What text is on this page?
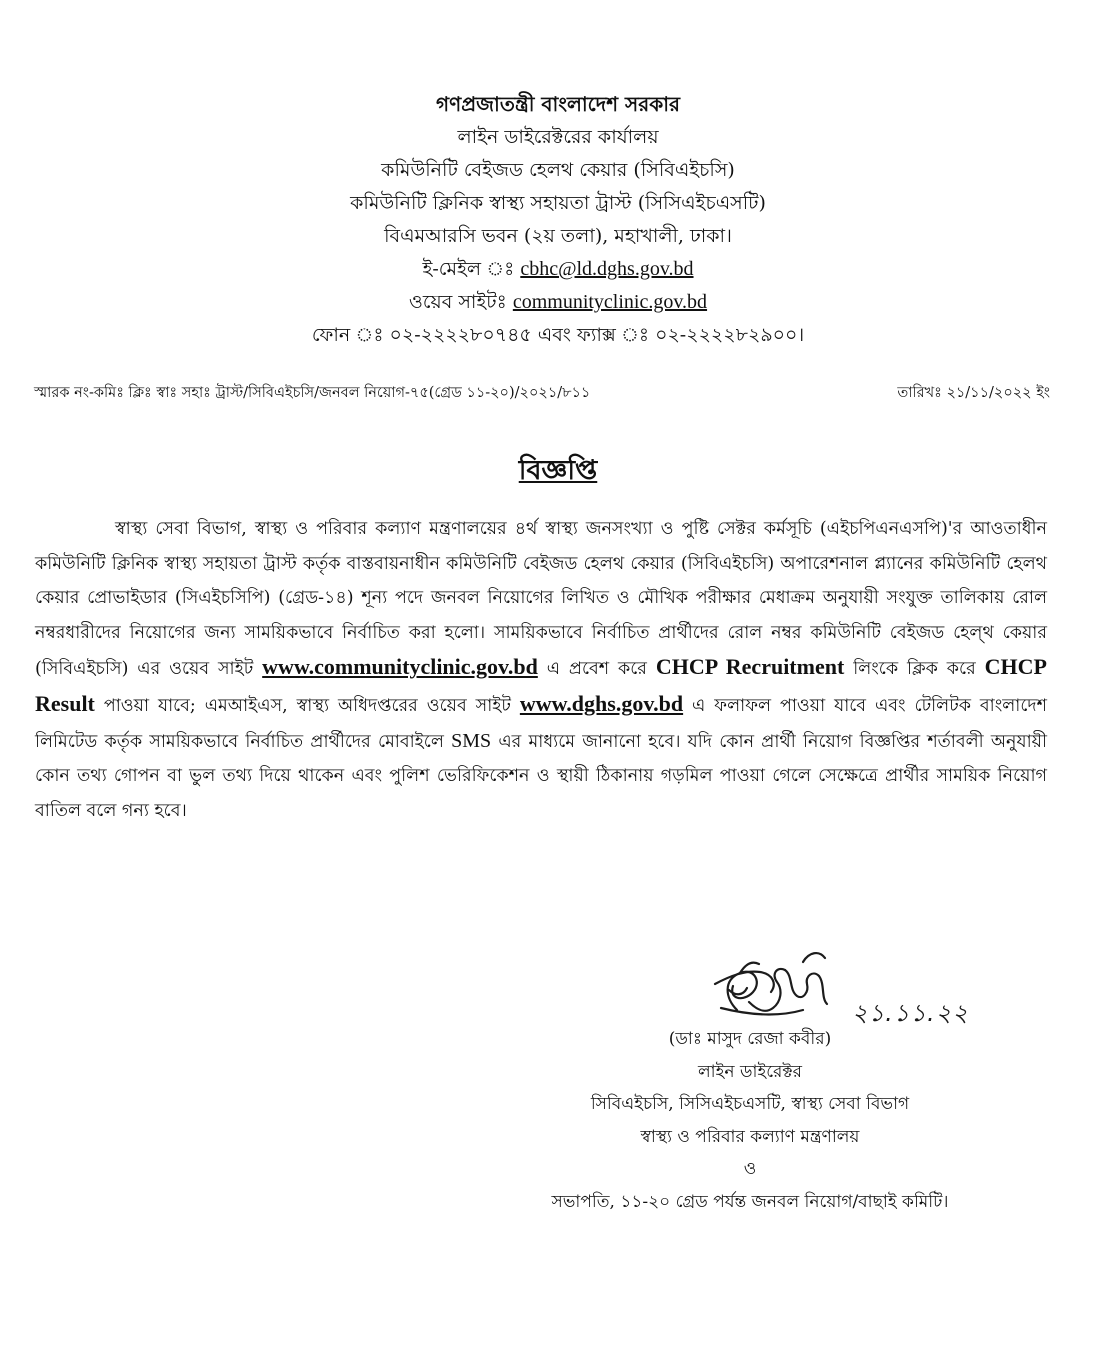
গণপ্রজাতন্ত্রী বাংলাদেশ সরকার
লাইন ডাইরেক্টরের কার্যালয়
কমিউনিটি বেইজড হেলথ কেয়ার (সিবিএইচসি)
কমিউনিটি ক্লিনিক স্বাস্থ্য সহায়তা ট্রাস্ট (সিসিএইচএসটি)
বিএমআরসি ভবন (২য় তলা), মহাখালী, ঢাকা।
ই-মেইল ঃ cbhc@ld.dghs.gov.bd
ওয়েব সাইটঃ communityclinic.gov.bd
ফোন ঃ ০২-২২২২৮০৭৪৫ এবং ফ্যাক্স ঃ ০২-২২২২৮২৯০০।
স্মারক নং-কমিঃ ক্লিঃ স্বাঃ সহাঃ ট্রাস্ট/সিবিএইচসি/জনবল নিয়োগ-৭৫(গ্রেড ১১-২০)/২০২১/৮১১	তারিখঃ ২১/১১/২০২২ ইং
বিজ্ঞপ্তি
স্বাস্থ্য সেবা বিভাগ, স্বাস্থ্য ও পরিবার কল্যাণ মন্ত্রণালয়ের ৪র্থ স্বাস্থ্য জনসংখ্যা ও পুষ্টি সেক্টর কর্মসূচি (এইচপিএনএসপি)'র আওতাধীন কমিউনিটি ক্লিনিক স্বাস্থ্য সহায়তা ট্রাস্ট কর্তৃক বাস্তবায়নাধীন কমিউনিটি বেইজড হেলথ কেয়ার (সিবিএইচসি) অপারেশনাল প্ল্যানের কমিউনিটি হেলথ কেয়ার প্রোভাইডার (সিএইচসিপি) (গ্রেড-১৪) শূন্য পদে জনবল নিয়োগের লিখিত ও মৌখিক পরীক্ষার মেধাক্রম অনুযায়ী সংযুক্ত তালিকায় রোল নম্বরধারীদের নিয়োগের জন্য সাময়িকভাবে নির্বাচিত করা হলো। সাময়িকভাবে নির্বাচিত প্রার্থীদের রোল নম্বর কমিউনিটি বেইজড হেল্থ কেয়ার (সিবিএইচসি) এর ওয়েব সাইট www.communityclinic.gov.bd এ প্রবেশ করে CHCP Recruitment লিংকে ক্লিক করে CHCP Result পাওয়া যাবে; এমআইএস, স্বাস্থ্য অধিদপ্তরের ওয়েব সাইট www.dghs.gov.bd এ ফলাফল পাওয়া যাবে এবং টেলিটক বাংলাদেশ লিমিটেড কর্তৃক সাময়িকভাবে নির্বাচিত প্রার্থীদের মোবাইলে SMS এর মাধ্যমে জানানো হবে। যদি কোন প্রার্থী নিয়োগ বিজ্ঞপ্তির শর্তাবলী অনুযায়ী কোন তথ্য গোপন বা ভুল তথ্য দিয়ে থাকেন এবং পুলিশ ভেরিফিকেশন ও স্থায়ী ঠিকানায় গড়মিল পাওয়া গেলে সেক্ষেত্রে প্রার্থীর সাময়িক নিয়োগ বাতিল বলে গন্য হবে।
২১.১১.২২
(ডাঃ মাসুদ রেজা কবীর)
লাইন ডাইরেক্টর
সিবিএইচসি, সিসিএইচএসটি, স্বাস্থ্য সেবা বিভাগ
স্বাস্থ্য ও পরিবার কল্যাণ মন্ত্রণালয়
ও
সভাপতি, ১১-২০ গ্রেড পর্যন্ত জনবল নিয়োগ/বাছাই কমিটি।
